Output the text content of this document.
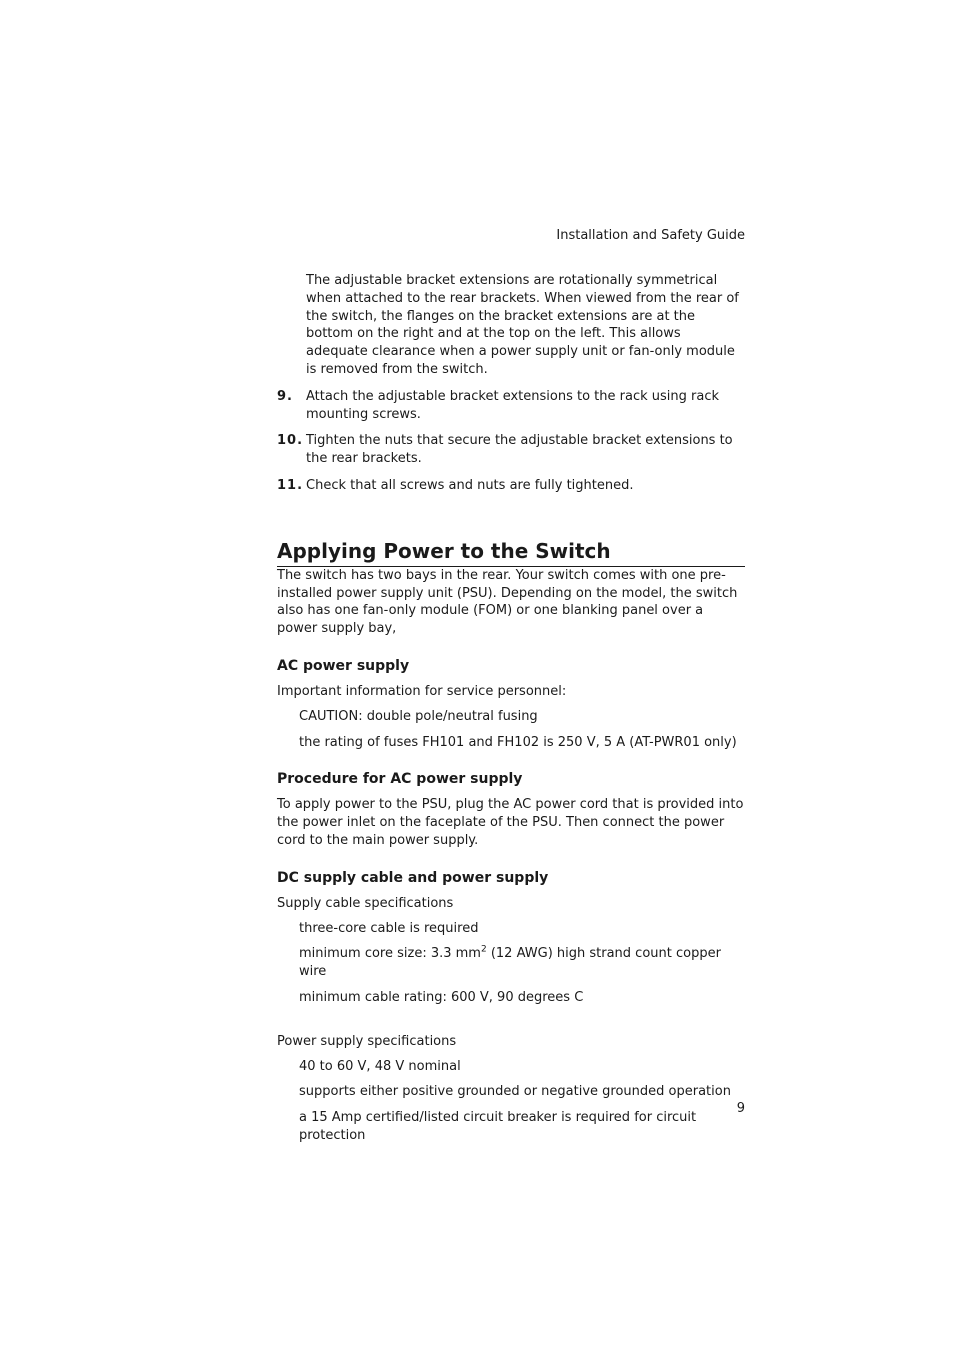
Installation and Safety Guide

The adjustable bracket extensions are rotationally symmetrical when attached to the rear brackets. When viewed from the rear of the switch, the flanges on the bracket extensions are at the bottom on the right and at the top on the left. This allows adequate clearance when a power supply unit or fan-only module is removed from the switch.

9.	Attach the adjustable bracket extensions to the rack using rack mounting screws.
10. Tighten the nuts that secure the adjustable bracket extensions to the rear brackets.
11. Check that all screws and nuts are fully tightened.
Applying Power to the Switch

The switch has two bays in the rear. Your switch comes with one pre-installed power supply unit (PSU). Depending on the model, the switch also has one fan-only module (FOM) or one blanking panel over a power supply bay,

AC power supply

Important information for service personnel:

CAUTION: double pole/neutral fusing
the rating of fuses FH101 and FH102 is 250 V, 5 A (AT-PWR01 only)
Procedure for AC power supply

To apply power to the PSU, plug the AC power cord that is provided into the power inlet on the faceplate of the PSU. Then connect the power cord to the main power supply.

DC supply cable and power supply

Supply cable specifications

three-core cable is required
minimum core size: 3.3 $mm^2$ (12 AWG) high strand count copper wire
minimum cable rating: 600 V, 90 degrees C

Power supply specifications

40 to 60 V, 48 V nominal
supports either positive grounded or negative grounded operation
a 15 Amp certified/listed circuit breaker is required for circuit protection
9
